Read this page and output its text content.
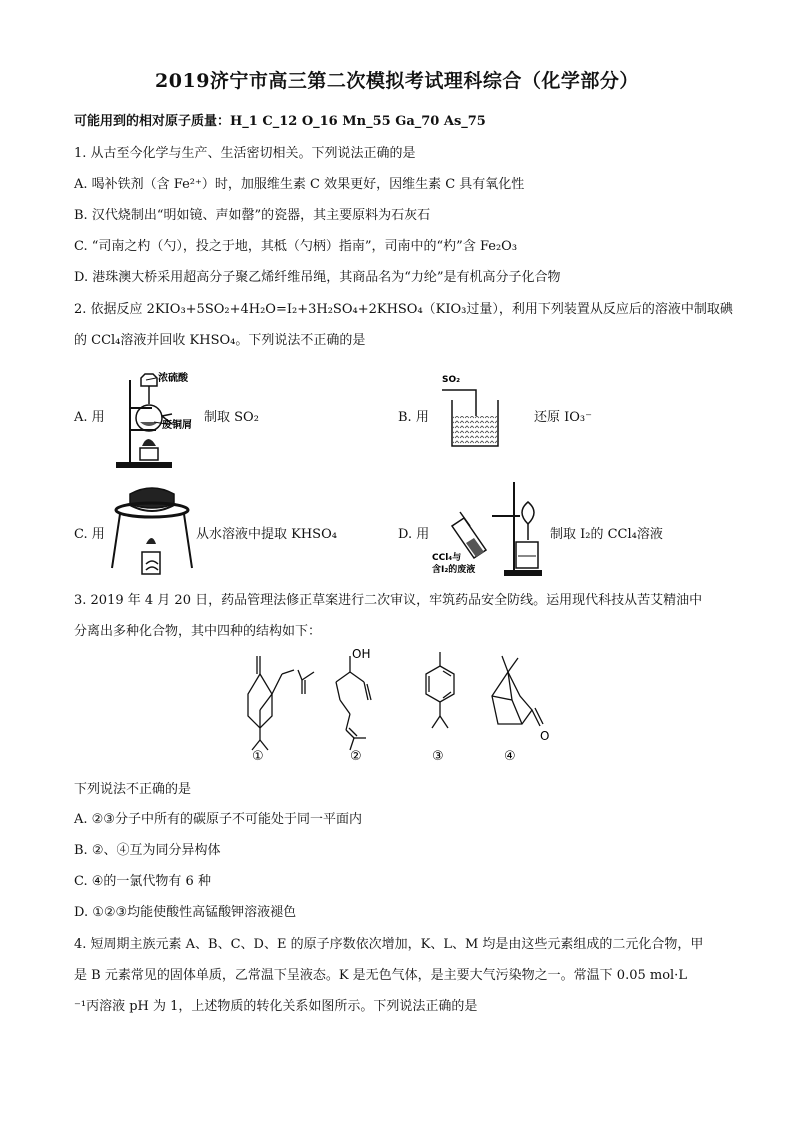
2019济宁市高三第二次模拟考试理科综合（化学部分）
可能用到的相对原子质量：H_1 C_12 O_16 Mn_55 Ga_70 As_75
1. 从古至今化学与生产、生活密切相关。下列说法正确的是
A. 喝补铁剂（含 Fe²⁺）时，加服维生素 C 效果更好，因维生素 C 具有氧化性
B. 汉代烧制出“明如镜、声如罄”的瓷器，其主要原料为石灰石
C. “司南之杓（勺），投之于地，其柢（勺柄）指南”，司南中的“杓”含 Fe₂O₃
D. 港珠澳大桥采用超高分子聚乙烯纤维吊绳，其商品名为“力纶”是有机高分子化合物
2. 依据反应 2KIO₃+5SO₂+4H₂O=I₂+3H₂SO₄+2KHSO₄（KIO₃过量），利用下列装置从反应后的溶液中制取碘
的 CCl₄溶液并回收 KHSO₄。下列说法不正确的是
A. 用
浓硫酸
废铜屑
制取 SO₂	B. 用
SO₂
还原 IO₃⁻
C. 用	从水溶液中提取 KHSO₄	D. 用
CCl₄与
含I₂的废液
制取 I₂的 CCl₄溶液
3. 2019 年 4 月 20 日，药品管理法修正草案进行二次审议，牢筑药品安全防线。运用现代科技从苦艾精油中
分离出多种化合物，其中四种的结构如下：
OH
O
①	②	③	④
下列说法不正确的是
A. ②③分子中所有的碳原子不可能处于同一平面内
B. ②、④互为同分异构体
C. ④的一氯代物有 6 种
D. ①②③均能使酸性高锰酸钾溶液褪色
4. 短周期主族元素 A、B、C、D、E 的原子序数依次增加，K、L、M 均是由这些元素组成的二元化合物，甲
是 B 元素常见的固体单质，乙常温下呈液态。K 是无色气体，是主要大气污染物之一。常温下 0.05 mol·L
⁻¹丙溶液 pH 为 1，上述物质的转化关系如图所示。下列说法正确的是
